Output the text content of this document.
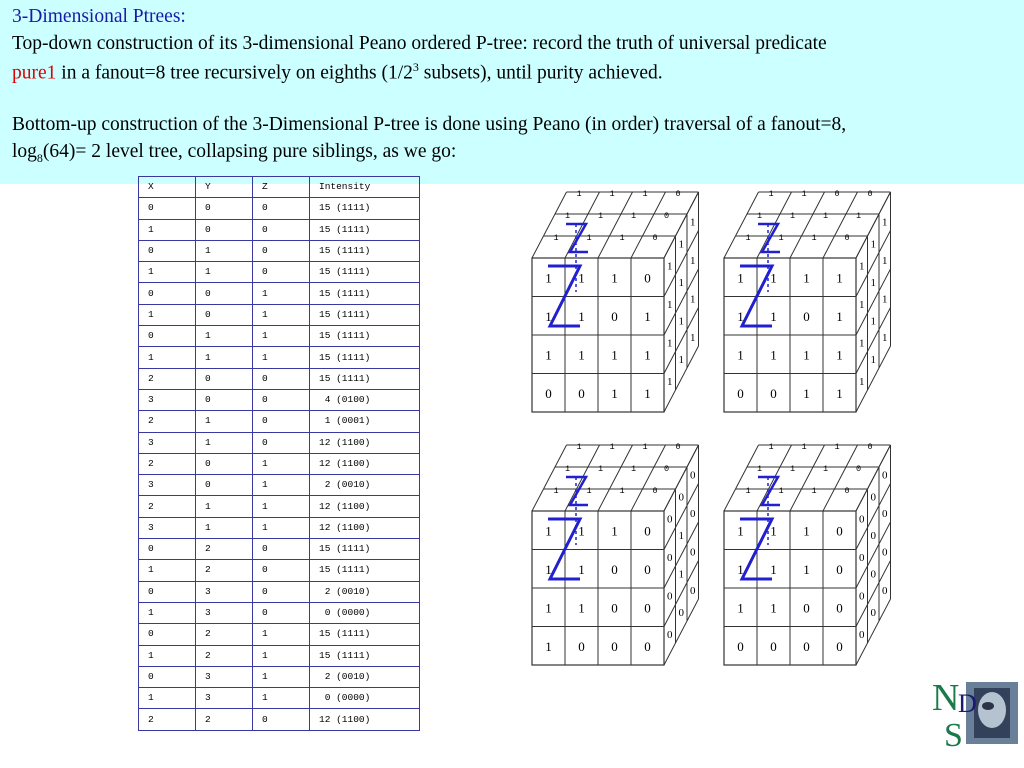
3-Dimensional Ptrees:

Top-down construction of its 3-dimensional Peano ordered P-tree: record the truth of universal predicate

pure1 in a fanout=8 tree recursively on eighths ($1/2^3$ subsets), until purity achieved.

Bottom-up construction of the 3-Dimensional P-tree is done using Peano (in order) traversal of a fanout=8,

$\log_8(64)= 2$ level tree, collapsing pure siblings, as we go:

X	Y	Z	Intensity
0	0	0	15 (1111)
1	0	0	15 (1111)
0	1	0	15 (1111)
1	1	0	15 (1111)
0	0	1	15 (1111)
1	0	1	15 (1111)
0	1	1	15 (1111)
1	1	1	15 (1111)
2	0	0	15 (1111)
3	0	0	4 (0100)
2	1	0	1 (0001)
3	1	0	12 (1100)
2	0	1	12 (1100)
3	0	1	2 (0010)
2	1	1	12 (1100)
3	1	1	12 (1100)
0	2	0	15 (1111)
1	2	0	15 (1111)
0	3	0	2 (0010)
1	3	0	0 (0000)
0	2	1	15 (1111)
1	2	1	15 (1111)
0	3	1	2 (0010)
1	3	1	0 (0000)
2	2	0	12 (1100)
1 1 1 0
1 1 0 1
1 1 1 1
0 0 1 1
1	1	1	0
1	1	1	0
1	1	1	0
1
1
1
1
1
1
1
1
1
1
1
1
1 1 1 1
1 1 0 1
1 1 1 1
0 0 1 1
1	1	1	0
1	1	1	1
1	1	0	0
1
1
1
1
1
1
1
1
1
1
1
1
1 1 1 0
1 1 0 0
1 1 0 0
1 0 0 0
1	1	1	0
1	1	1	0
1	1	1	0
0
0
0
0
1
0
0
1
0
0
0
0
1 1 1 0
1 1 1 0
1 1 0 0
0 0 0 0
1	1	1	0
1	1	1	0
1	1	1	0
0
0
0
0
0
0
0
0
0
0
0
0
N
D
S
